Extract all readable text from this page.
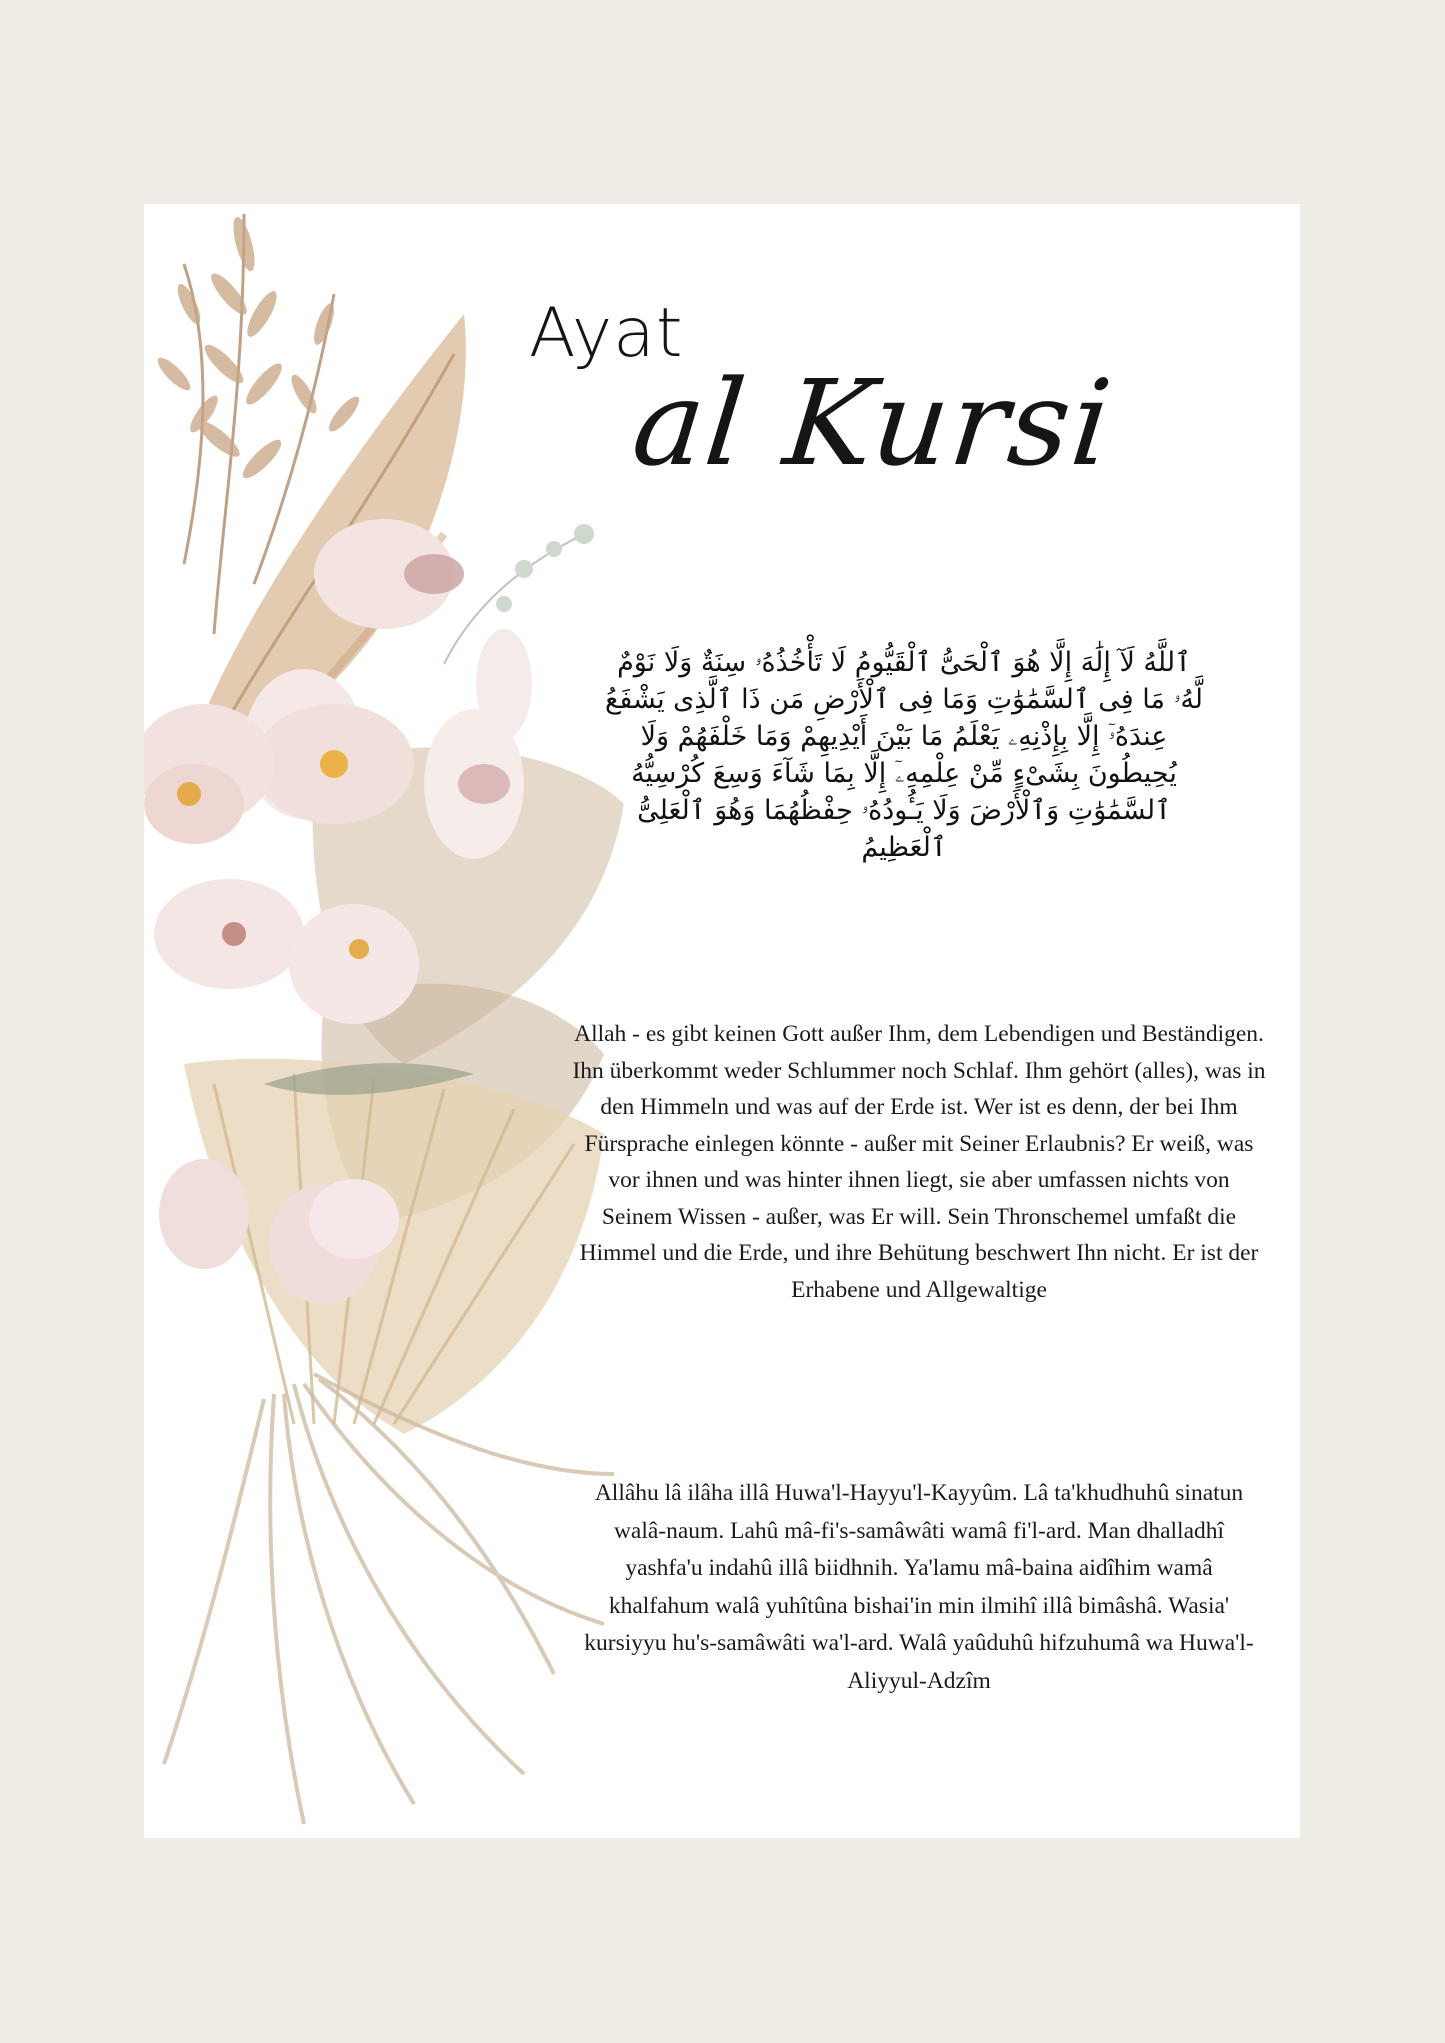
Ayat
al Kursi
ٱللَّهُ لَآ إِلَٰهَ إِلَّا هُوَ ٱلْحَىُّ ٱلْقَيُّومُ لَا تَأْخُذُهُۥ سِنَةٌ وَلَا نَوْمٌ لَّهُۥ مَا فِى ٱلسَّمَٰوَٰتِ وَمَا فِى ٱلْأَرْضِ مَن ذَا ٱلَّذِى يَشْفَعُ عِندَهُۥٓ إِلَّا بِإِذْنِهِۦ يَعْلَمُ مَا بَيْنَ أَيْدِيهِمْ وَمَا خَلْفَهُمْ وَلَا يُحِيطُونَ بِشَىْءٍ مِّنْ عِلْمِهِۦٓ إِلَّا بِمَا شَآءَ وَسِعَ كُرْسِيُّهُ ٱلسَّمَٰوَٰتِ وَٱلْأَرْضَ وَلَا يَـُٔودُهُۥ حِفْظُهُمَا وَهُوَ ٱلْعَلِىُّ ٱلْعَظِيمُ
Allah - es gibt keinen Gott außer Ihm, dem Lebendigen und Beständigen. Ihn überkommt weder Schlummer noch Schlaf. Ihm gehört (alles), was in den Himmeln und was auf der Erde ist. Wer ist es denn, der bei Ihm Fürsprache einlegen könnte - außer mit Seiner Erlaubnis? Er weiß, was vor ihnen und was hinter ihnen liegt, sie aber umfassen nichts von Seinem Wissen - außer, was Er will. Sein Thronschemel umfaßt die Himmel und die Erde, und ihre Behütung beschwert Ihn nicht. Er ist der Erhabene und Allgewaltige
Allâhu lâ ilâha illâ Huwa'l-Hayyu'l-Kayyûm. Lâ ta'khudhuhû sinatun walâ-naum. Lahû mâ-fi's-samâwâti wamâ fi'l-ard. Man dhalladhî yashfa'u indahû illâ biidhnih. Ya'lamu mâ-baina aidîhim wamâ khalfahum walâ yuhîtûna bishai'in min ilmihî illâ bimâshâ. Wasia' kursiyyu hu's-samâwâti wa'l-ard. Walâ yaûduhû hifzuhumâ wa Huwa'l-Aliyyul-Adzîm
